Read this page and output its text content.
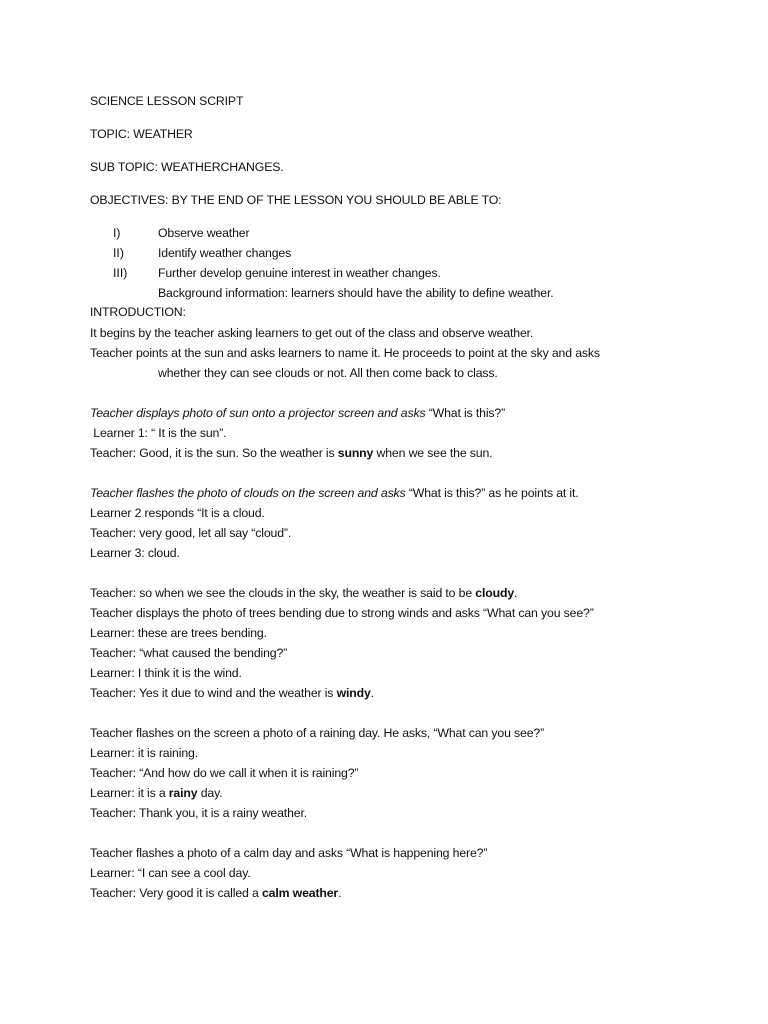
SCIENCE LESSON SCRIPT

TOPIC: WEATHER

SUB TOPIC: WEATHERCHANGES.

OBJECTIVES: BY THE END OF THE LESSON YOU SHOULD BE ABLE TO:

I)	Observe weather
II)	Identify weather changes
III) Further develop genuine interest in weather changes.

Background information: learners should have the ability to define weather.

INTRODUCTION:

It begins by the teacher asking learners to get out of the class and observe weather.

Teacher points at the sun and asks learners to name it. He proceeds to point at the sky and asks

whether they can see clouds or not. All then come back to class.

Teacher displays photo of sun onto a projector screen and asks “What is this?”

Learner 1: “ It is the sun”.

Teacher: Good, it is the sun. So the weather is sunny when we see the sun.

Teacher flashes the photo of clouds on the screen and asks “What is this?” as he points at it.

Learner 2 responds “It is a cloud.

Teacher: very good, let all say “cloud”.

Learner 3: cloud.

Teacher: so when we see the clouds in the sky, the weather is said to be cloudy.

Teacher displays the photo of trees bending due to strong winds and asks “What can you see?”

Learner: these are trees bending.

Teacher: “what caused the bending?”

Learner: I think it is the wind.

Teacher: Yes it due to wind and the weather is windy.

Teacher flashes on the screen a photo of a raining day. He asks, “What can you see?”

Learner: it is raining.

Teacher: “And how do we call it when it is raining?”

Learner: it is a rainy day.

Teacher: Thank you, it is a rainy weather.

Teacher flashes a photo of a calm day and asks “What is happening here?”

Learner: “I can see a cool day.

Teacher: Very good it is called a calm weather.
